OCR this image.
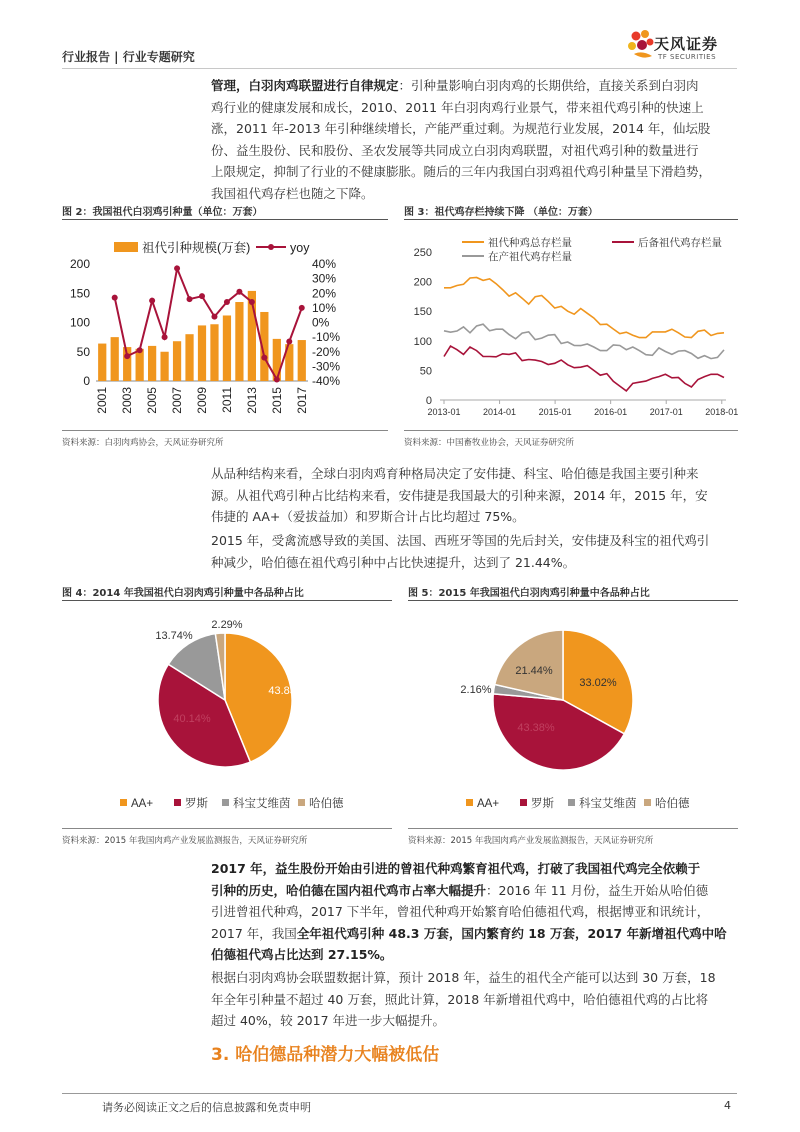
行业报告 | 行业专题研究
天风证券
TF SECURITIES
管理，白羽肉鸡联盟进行自律规定：引种量影响白羽肉鸡的长期供给，直接关系到白羽肉
鸡行业的健康发展和成长，2010、2011 年白羽肉鸡行业景气，带来祖代鸡引种的快速上
涨，2011 年-2013 年引种继续增长，产能严重过剩。为规范行业发展，2014 年，仙坛股
份、益生股份、民和股份、圣农发展等共同成立白羽肉鸡联盟，对祖代鸡引种的数量进行
上限规定，抑制了行业的不健康膨胀。随后的三年内我国白羽鸡祖代鸡引种量呈下滑趋势，
我国祖代鸡存栏也随之下降。
图 2：我国祖代白羽鸡引种量（单位：万套）
祖代引种规模(万套)	yoy
0
50
100
150
200
-40%
-30%
-20%
-10%
0%
10%
20%
30%
40%
2001 2003 2005 2007 2009 2011 2013 2015 2017
资料来源：白羽肉鸡协会，天风证券研究所
图 3：祖代鸡存栏持续下降 （单位：万套）
0
50
100
150
200
250
2013-01	2014-01	2015-01	2016-01	2017-01	2018-01
祖代种鸡总存栏量	后备祖代鸡存栏量
在产祖代鸡存栏量
资料来源：中国畜牧业协会，天风证券研究所
从品种结构来看，全球白羽肉鸡育种格局决定了安伟捷、科宝、哈伯德是我国主要引种来
源。从祖代鸡引种占比结构来看，安伟捷是我国最大的引种来源，2014 年，2015 年，安
伟捷的 AA+（爱拔益加）和罗斯合计占比均超过 75%。
2015 年，受禽流感导致的美国、法国、西班牙等国的先后封关，安伟捷及科宝的祖代鸡引
种减少，哈伯德在祖代鸡引种中占比快速提升，达到了 21.44%。
图 4：2014 年我国祖代白羽肉鸡引种量中各品种占比
43.83%
40.14%
13.74%
2.29%
AA+	罗斯 科宝艾维茵 哈伯德
资料来源：2015 年我国肉鸡产业发展监测报告，天风证券研究所
图 5：2015 年我国祖代白羽肉鸡引种量中各品种占比
33.02%
43.38%
2.16%
21.44%
AA+	罗斯 科宝艾维茵 哈伯德
资料来源：2015 年我国肉鸡产业发展监测报告，天风证券研究所
2017 年，益生股份开始由引进的曾祖代种鸡繁育祖代鸡，打破了我国祖代鸡完全依赖于
引种的历史，哈伯德在国内祖代鸡市占率大幅提升：2016 年 11 月份，益生开始从哈伯德
引进曾祖代种鸡，2017 下半年，曾祖代种鸡开始繁育哈伯德祖代鸡，根据博亚和讯统计，
2017 年，我国全年祖代鸡引种 48.3 万套，国内繁育约 18 万套，2017 年新增祖代鸡中哈
伯德祖代鸡占比达到 27.15%。
根据白羽肉鸡协会联盟数据计算，预计 2018 年，益生的祖代全产能可以达到 30 万套，18
年全年引种量不超过 40 万套，照此计算，2018 年新增祖代鸡中，哈伯德祖代鸡的占比将
超过 40%，较 2017 年进一步大幅提升。
3. 哈伯德品种潜力大幅被低估
请务必阅读正文之后的信息披露和免责申明	4
